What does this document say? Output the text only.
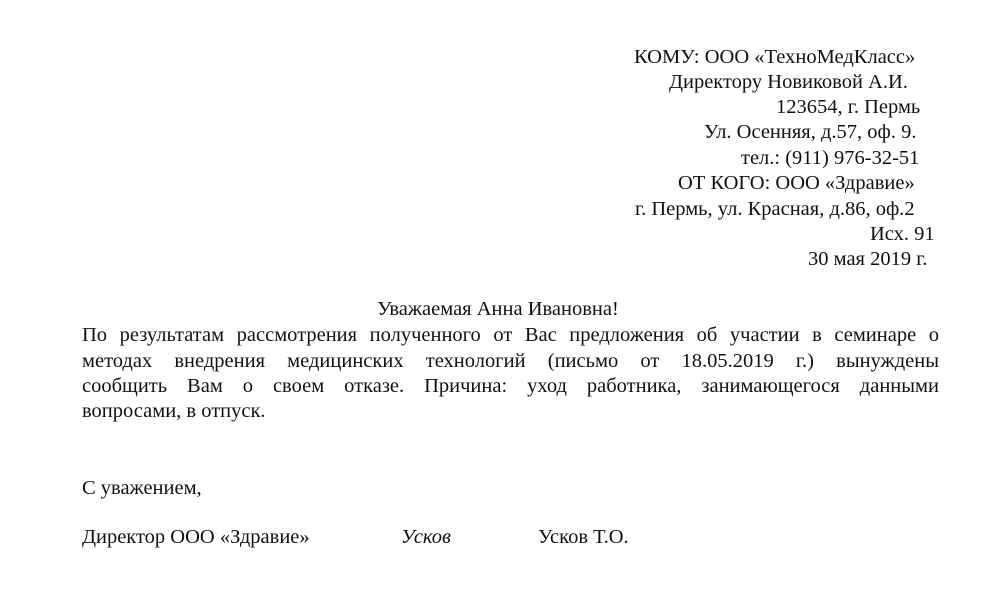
КОМУ: ООО «ТехноМедКласс»
Директору Новиковой А.И.
123654, г. Пермь
Ул. Осенняя, д.57, оф. 9.
тел.: (911) 976-32-51
ОТ КОГО: ООО «Здравие»
г. Пермь, ул. Красная, д.86, оф.2
Исх. 91
30 мая 2019 г.
Уважаемая Анна Ивановна!
По результатам рассмотрения полученного от Вас предложения об участии в семинаре о
методах внедрения медицинских технологий (письмо от 18.05.2019 г.) вынуждены
сообщить Вам о своем отказе. Причина: уход работника, занимающегося данными
вопросами, в отпуск.
С уважением,
Директор ООО «Здравие»	Усков	Усков Т.О.
